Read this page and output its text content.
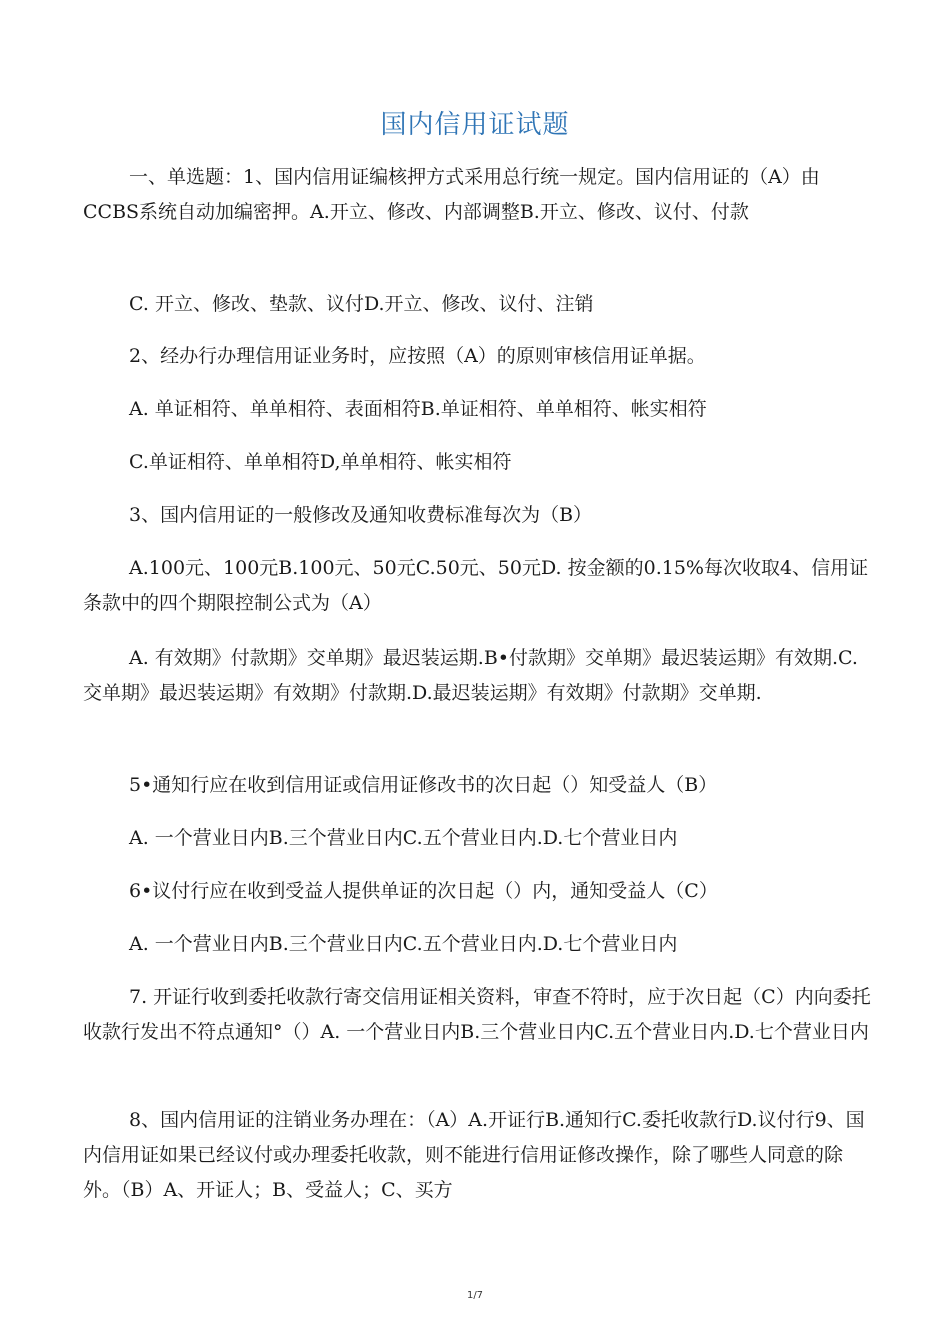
国内信用证试题
一、单选题：1、国内信用证编核押方式采用总行统一规定。国内信用证的（A）由CCBS系统自动加编密押。A.开立、修改、内部调整B.开立、修改、议付、付款
C. 开立、修改、垫款、议付D.开立、修改、议付、注销
2、经办行办理信用证业务时，应按照（A）的原则审核信用证单据。
A. 单证相符、单单相符、表面相符B.单证相符、单单相符、帐实相符
C.单证相符、单单相符D,单单相符、帐实相符
3、国内信用证的一般修改及通知收费标准每次为（B）
A.100元、100元B.100元、50元C.50元、50元D. 按金额的0.15%每次收取4、信用证条款中的四个期限控制公式为（A）
A. 有效期》付款期》交单期》最迟装运期.B•付款期》交单期》最迟装运期》有效期.C.交单期》最迟装运期》有效期》付款期.D.最迟装运期》有效期》付款期》交单期.
5•通知行应在收到信用证或信用证修改书的次日起（）知受益人（B）
A. 一个营业日内B.三个营业日内C.五个营业日内.D.七个营业日内
6•议付行应在收到受益人提供单证的次日起（）内，通知受益人（C）
A. 一个营业日内B.三个营业日内C.五个营业日内.D.七个营业日内
7. 开证行收到委托收款行寄交信用证相关资料，审查不符时，应于次日起（C）内向委托收款行发出不符点通知°（）A. 一个营业日内B.三个营业日内C.五个营业日内.D.七个营业日内
8、国内信用证的注销业务办理在：（A）A.开证行B.通知行C.委托收款行D.议付行9、国内信用证如果已经议付或办理委托收款，则不能进行信用证修改操作，除了哪些人同意的除外。（B）A、开证人；B、受益人；C、买方
1/7
